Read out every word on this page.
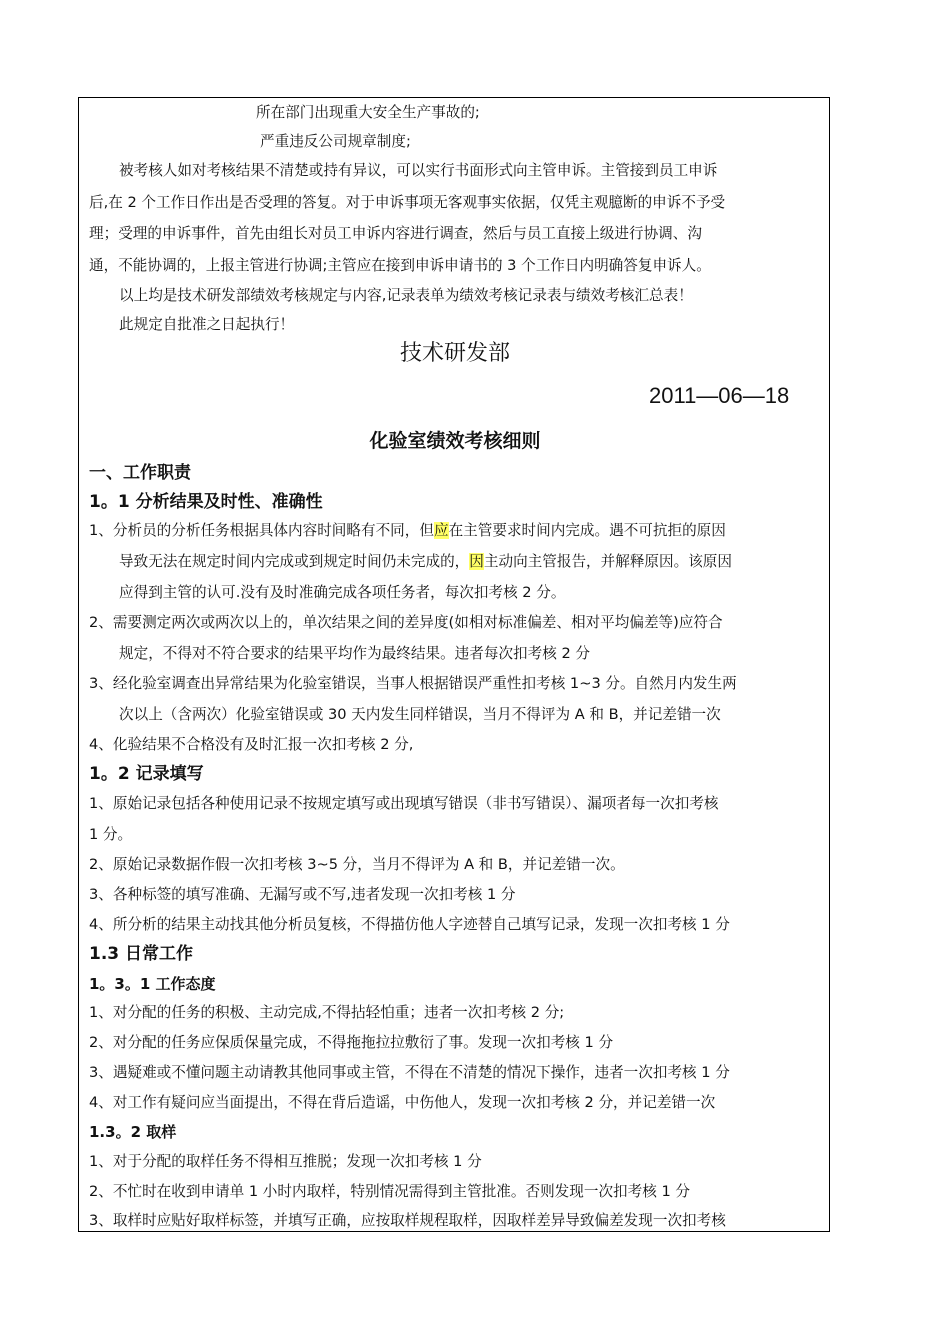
所在部门出现重大安全生产事故的;
严重违反公司规章制度;
被考核人如对考核结果不清楚或持有异议，可以实行书面形式向主管申诉。主管接到员工申诉
后,在 2 个工作日作出是否受理的答复。对于申诉事项无客观事实依据，仅凭主观臆断的申诉不予受
理；受理的申诉事件，首先由组长对员工申诉内容进行调查，然后与员工直接上级进行协调、沟
通，不能协调的，上报主管进行协调;主管应在接到申诉申请书的 3 个工作日内明确答复申诉人。
以上均是技术研发部绩效考核规定与内容,记录表单为绩效考核记录表与绩效考核汇总表！
此规定自批准之日起执行！
技术研发部
2011—06—18
化验室绩效考核细则
一、工作职责
1。1 分析结果及时性、准确性
1、分析员的分析任务根据具体内容时间略有不同，但应在主管要求时间内完成。遇不可抗拒的原因
导致无法在规定时间内完成或到规定时间仍未完成的，因主动向主管报告，并解释原因。该原因
应得到主管的认可.没有及时准确完成各项任务者，每次扣考核 2 分。
2、需要测定两次或两次以上的，单次结果之间的差异度(如相对标准偏差、相对平均偏差等)应符合
规定，不得对不符合要求的结果平均作为最终结果。违者每次扣考核 2 分
3、经化验室调查出异常结果为化验室错误，当事人根据错误严重性扣考核 1~3 分。自然月内发生两
次以上（含两次）化验室错误或 30 天内发生同样错误，当月不得评为 A 和 B，并记差错一次
4、化验结果不合格没有及时汇报一次扣考核 2 分,
1。2 记录填写
1、原始记录包括各种使用记录不按规定填写或出现填写错误（非书写错误）、漏项者每一次扣考核
1 分。
2、原始记录数据作假一次扣考核 3~5 分，当月不得评为 A 和 B，并记差错一次。
3、各种标签的填写准确、无漏写或不写,违者发现一次扣考核 1 分
4、所分析的结果主动找其他分析员复核，不得描仿他人字迹替自己填写记录，发现一次扣考核 1 分
1.3 日常工作
1。3。1 工作态度
1、对分配的任务的积极、主动完成,不得拈轻怕重；违者一次扣考核 2 分;
2、对分配的任务应保质保量完成，不得拖拖拉拉敷衍了事。发现一次扣考核 1 分
3、遇疑难或不懂问题主动请教其他同事或主管，不得在不清楚的情况下操作，违者一次扣考核 1 分
4、对工作有疑问应当面提出，不得在背后造谣，中伤他人，发现一次扣考核 2 分，并记差错一次
1.3。2 取样
1、对于分配的取样任务不得相互推脱；发现一次扣考核 1 分
2、不忙时在收到申请单 1 小时内取样，特别情况需得到主管批准。否则发现一次扣考核 1 分
3、取样时应贴好取样标签，并填写正确，应按取样规程取样，因取样差异导致偏差发现一次扣考核
